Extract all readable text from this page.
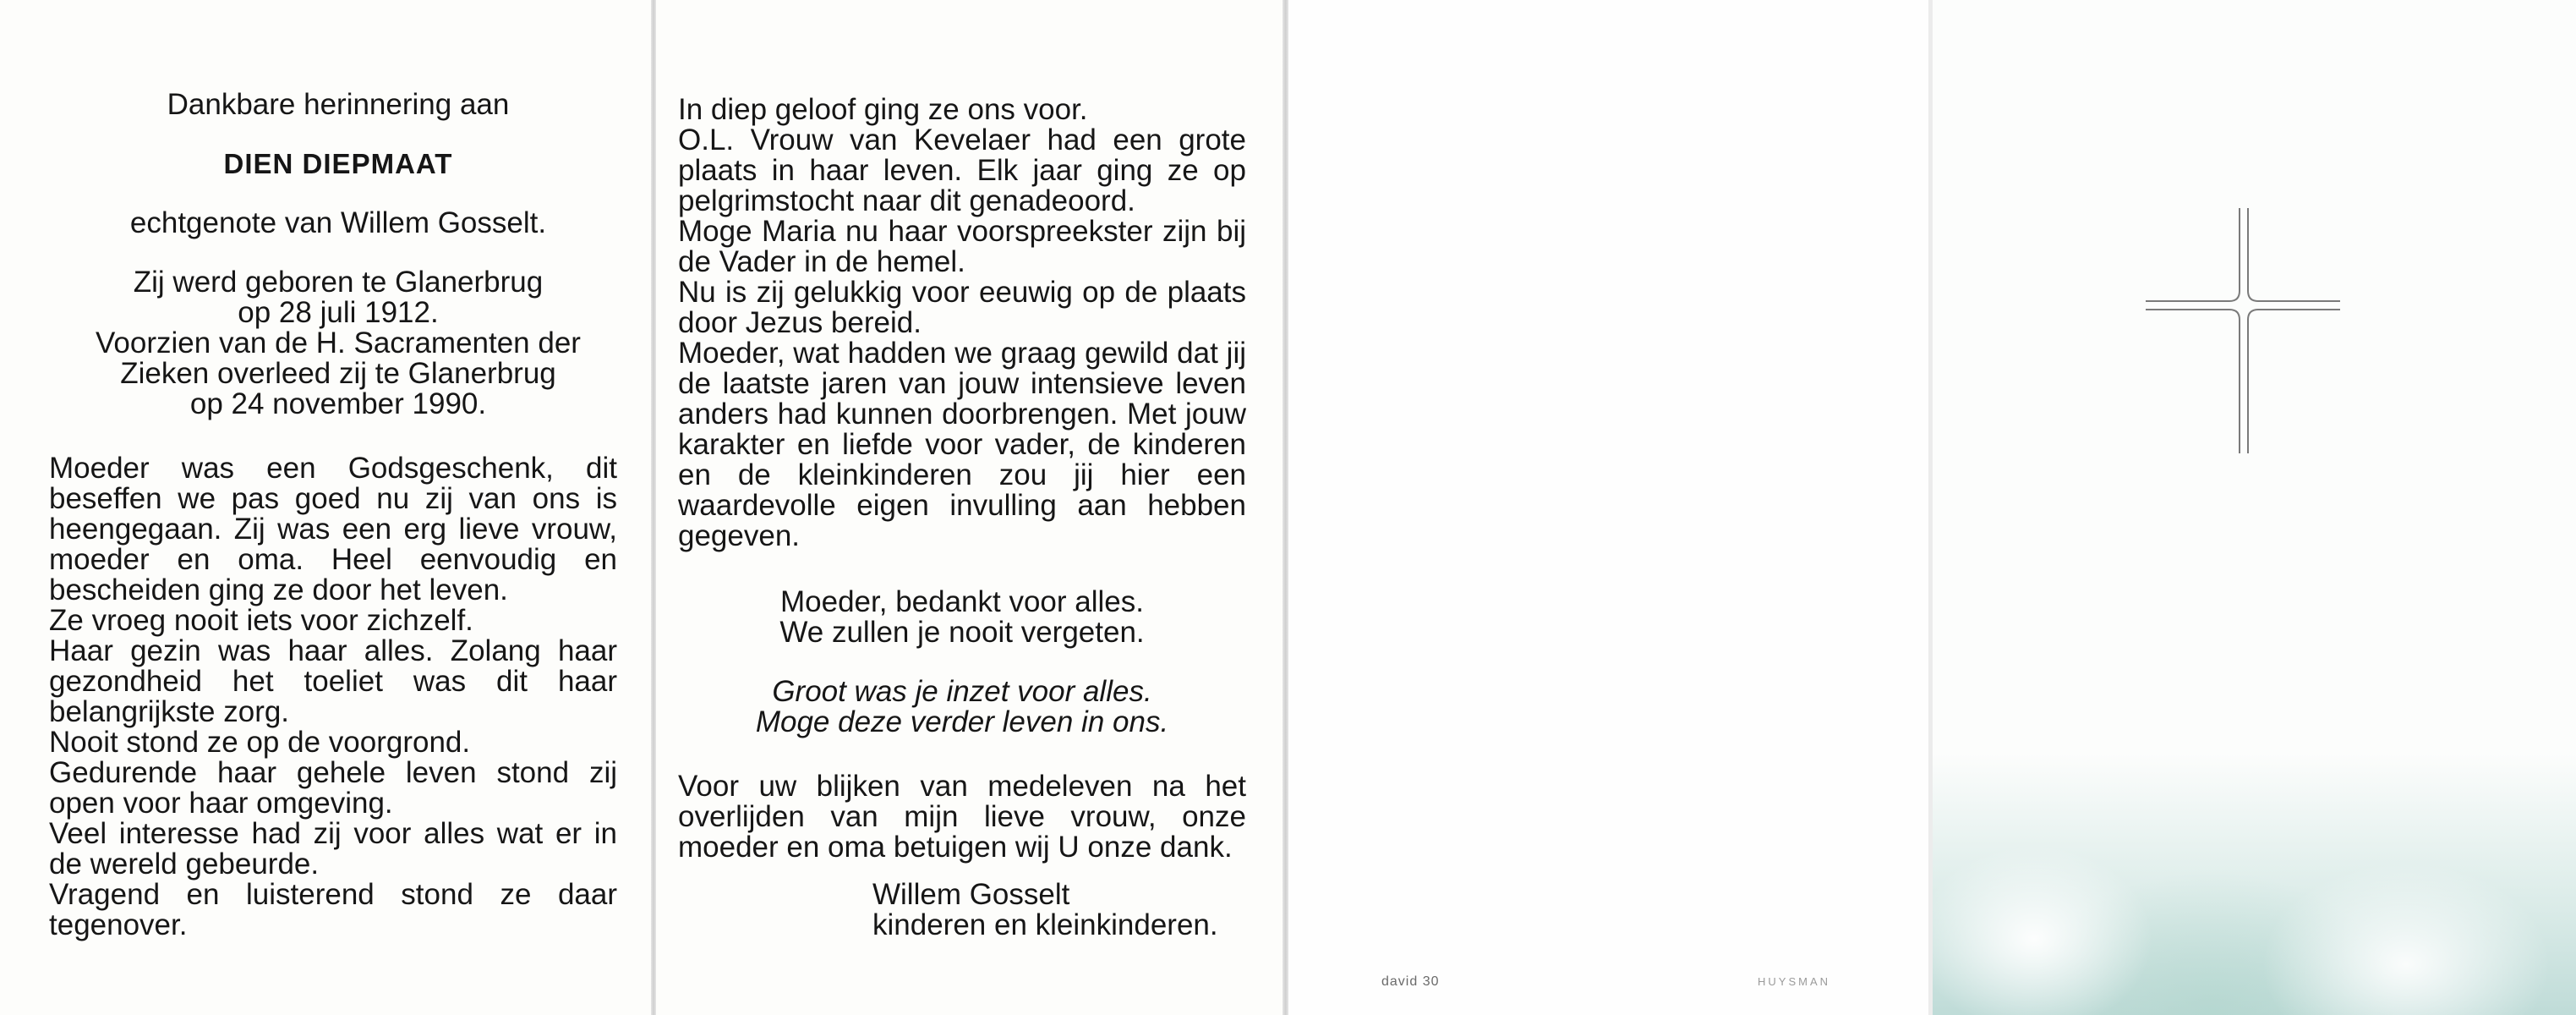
Dankbare herinnering aan
DIEN DIEPMAAT
echtgenote van Willem Gosselt.
Zij werd geboren te Glanerbrug
op 28 juli 1912.
Voorzien van de H. Sacramenten der
Zieken overleed zij te Glanerbrug
op 24 november 1990.

Moeder was een Godsgeschenk, dit beseffen we pas goed nu zij van ons is heengegaan. Zij was een erg lieve vrouw, moeder en oma. Heel eenvoudig en bescheiden ging ze door het leven.

Ze vroeg nooit iets voor zichzelf.

Haar gezin was haar alles. Zolang haar gezondheid het toeliet was dit haar belangrijkste zorg.

Nooit stond ze op de voorgrond.

Gedurende haar gehele leven stond zij open voor haar omgeving.

Veel interesse had zij voor alles wat er in de wereld gebeurde.

Vragend en luisterend stond ze daar tegenover.

In diep geloof ging ze ons voor.

O.L. Vrouw van Kevelaer had een grote plaats in haar leven. Elk jaar ging ze op pelgrimstocht naar dit genadeoord.

Moge Maria nu haar voorspreekster zijn bij de Vader in de hemel.

Nu is zij gelukkig voor eeuwig op de plaats door Jezus bereid.

Moeder, wat hadden we graag gewild dat jij de laatste jaren van jouw intensieve leven anders had kunnen doorbrengen. Met jouw karakter en liefde voor vader, de kinderen en de kleinkinderen zou jij hier een waardevolle eigen invulling aan hebben gegeven.

Moeder, bedankt voor alles.
We zullen je nooit vergeten.
Groot was je inzet voor alles.
Moge deze verder leven in ons.
Voor uw blijken van medeleven na het overlijden van mijn lieve vrouw, onze moeder en oma betuigen wij U onze dank.
Willem Gosselt
kinderen en kleinkinderen.
david 30	HUYSMAN
